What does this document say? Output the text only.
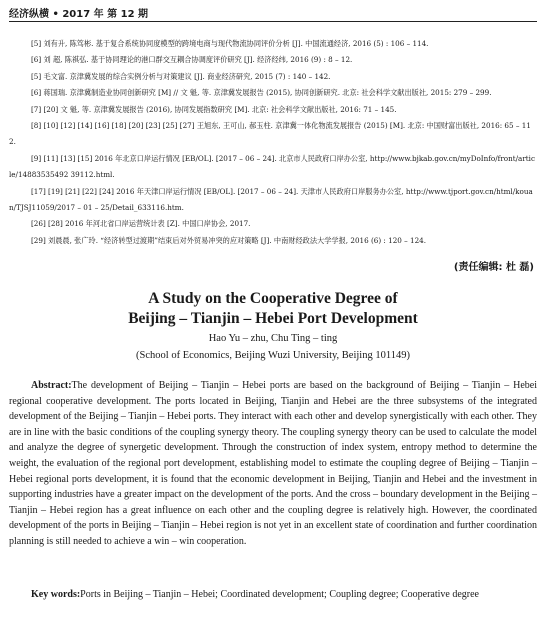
经济纵横 • 2017 年 第 12 期

[5] 刘有升, 陈笃彬. 基于复合系统协同度模型的跨境电商与现代物流协同评价分析 [J]. 中国流通经济, 2016 (5) : 106 – 114.

[6] 刘 超, 陈祺弘. 基于协同理论的港口群交互耦合协调度评价研究 [J]. 经济经纬, 2016 (9) : 8 – 12.

[5] 毛文富. 京津冀发展的综合实例分析与对策建议 [J]. 商业经济研究, 2015 (7) : 140 – 142.

[6] 蒋国瑞. 京津冀制造业协同创新研究 [M] // 文 魁, 等. 京津冀发展报告 (2015), 协同创新研究. 北京: 社会科学文献出版社, 2015: 279 – 299.

[7] [20] 文 魁, 等. 京津冀发展报告 (2016), 协同发展指数研究 [M]. 北京: 社会科学文献出版社, 2016: 71 – 145.

[8] [10] [12] [14] [16] [18] [20] [23] [25] [27] 王旭东, 王可山, 郝玉柱. 京津冀一体化物流发展报告 (2015) [M]. 北京: 中国财富出版社, 2016: 65 – 112.

[9] [11] [13] [15] 2016 年北京口岸运行情况 [EB/OL]. [2017 – 06 – 24]. 北京市人民政府口岸办公室, http://www.bjkab.gov.cn/myDoInfo/front/article/14883535492 39112.html.

[17] [19] [21] [22] [24] 2016 年天津口岸运行情况 [EB/OL]. [2017 – 06 – 24]. 天津市人民政府口岸服务办公室, http://www.tjport.gov.cn/html/kouan/TJSJ11059/2017 – 01 – 25/Detail_633116.htm.

[26] [28] 2016 年河北省口岸运营统计表 [Z]. 中国口岸协会, 2017.

[29] 刘晨晨, 张广玲. “经济转型过渡期”结束后对外贸易冲突的应对策略 [J]. 中南财经政法大学学报, 2016 (6) : 120 – 124.

(责任编辑: 杜 磊)
A Study on the Cooperative Degree of
Beijing – Tianjin – Hebei Port Development
Hao Yu – zhu, Chu Ting – ting
(School of Economics, Beijing Wuzi University, Beijing 101149)
Abstract:The development of Beijing – Tianjin – Hebei ports are based on the background of Beijing – Tianjin – Hebei regional cooperative development. The ports located in Beijing, Tianjin and Hebei are the three subsystems of the integrated development of the Beijing – Tianjin – Hebei ports. They interact with each other and develop synergistically with each other. They are in line with the basic conditions of the coupling synergy theory. The coupling synergy theory can be used to calculate the model and analyze the degree of synergetic development. Through the construction of index system, entropy method to determine the weight, the evaluation of the regional port development, establishing model to estimate the coupling degree of Beijing – Tianjin – Hebei regional ports development, it is found that the economic development in Beijing, Tianjin and Hebei and the investment in supporting industries have a greater impact on the development of the ports. And the cross – boundary development in the Beijing – Tianjin – Hebei region has a great influence on each other and the coupling degree is relatively high. However, the coordinated development of the ports in Beijing – Tianjin – Hebei region is not yet in an excellent state of coordination and further coordination planning is still needed to achieve a win – win cooperation.
Key words:Ports in Beijing – Tianjin – Hebei; Coordinated development; Coupling degree; Cooperative degree
